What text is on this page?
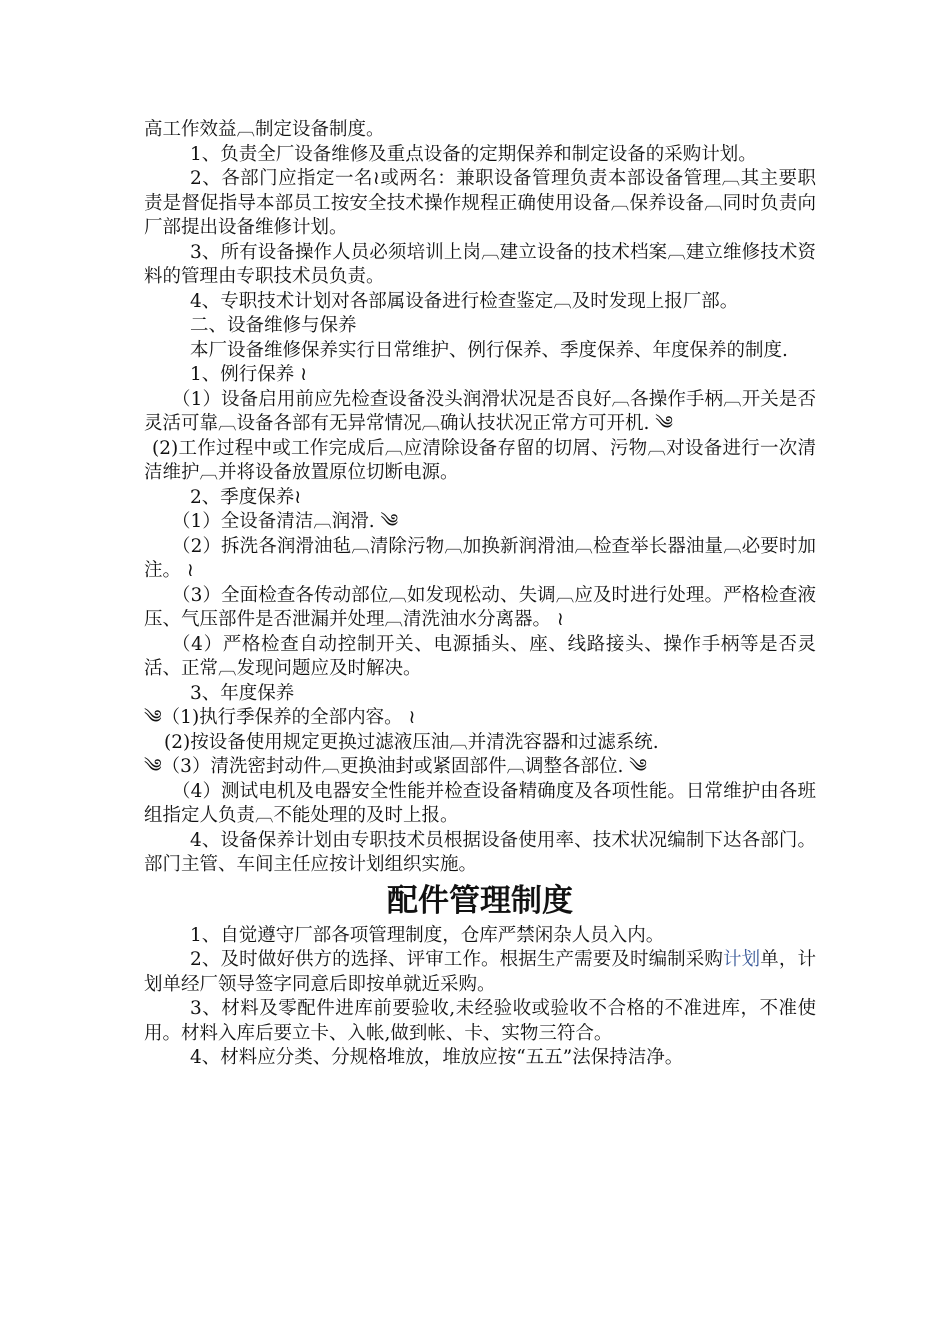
高工作效益︹制定设备制度。

1、负责全厂设备维修及重点设备的定期保养和制定设备的采购计划。

2、各部门应指定一名≀或两名：兼职设备管理负责本部设备管理︹其主要职责是督促指导本部员工按安全技术操作规程正确使用设备︹保养设备︹同时负责向厂部提出设备维修计划。

3、所有设备操作人员必须培训上岗︹建立设备的技术档案︹建立维修技术资料的管理由专职技术员负责。

4、专职技术计划对各部属设备进行检查鉴定︹及时发现上报厂部。

二、设备维修与保养

本厂设备维修保养实行日常维护、例行保养、季度保养、年度保养的制度.

1、例行保养 ≀

（1）设备启用前应先检查设备没头润滑状况是否良好︹各操作手柄︹开关是否灵活可靠︹设备各部有无异常情况︹确认技状况正常方可开机. ༄

(2)工作过程中或工作完成后︹应清除设备存留的切屑、污物︹对设备进行一次清洁维护︹并将设备放置原位切断电源。

2、季度保养≀

（1）全设备清洁︹润滑. ༄

（2）拆洗各润滑油毡︹清除污物︹加换新润滑油︹检查举长器油量︹必要时加注。 ≀

（3）全面检查各传动部位︹如发现松动、失调︹应及时进行处理。严格检查液压、气压部件是否泄漏并处理︹清洗油水分离器。 ≀

（4）严格检查自动控制开关、电源插头、座、线路接头、操作手柄等是否灵活、正常︹发现问题应及时解决。

3、年度保养

༄（1)执行季保养的全部内容。 ≀

(2)按设备使用规定更换过滤液压油︹并清洗容器和过滤系统.

༄（3）清洗密封动件︹更换油封或紧固部件︹调整各部位. ༄

（4）测试电机及电器安全性能并检查设备精确度及各项性能。日常维护由各班组指定人负责︹不能处理的及时上报。

4、设备保养计划由专职技术员根据设备使用率、技术状况编制下达各部门。部门主管、车间主任应按计划组织实施。

配件管理制度

1、自觉遵守厂部各项管理制度，仓库严禁闲杂人员入内。

2、及时做好供方的选择、评审工作。根据生产需要及时编制采购计划单，计划单经厂领导签字同意后即按单就近采购。

3、材料及零配件进库前要验收,未经验收或验收不合格的不准进库，不准使用。材料入库后要立卡、入帐,做到帐、卡、实物三符合。

4、材料应分类、分规格堆放，堆放应按“五五”法保持洁净。
